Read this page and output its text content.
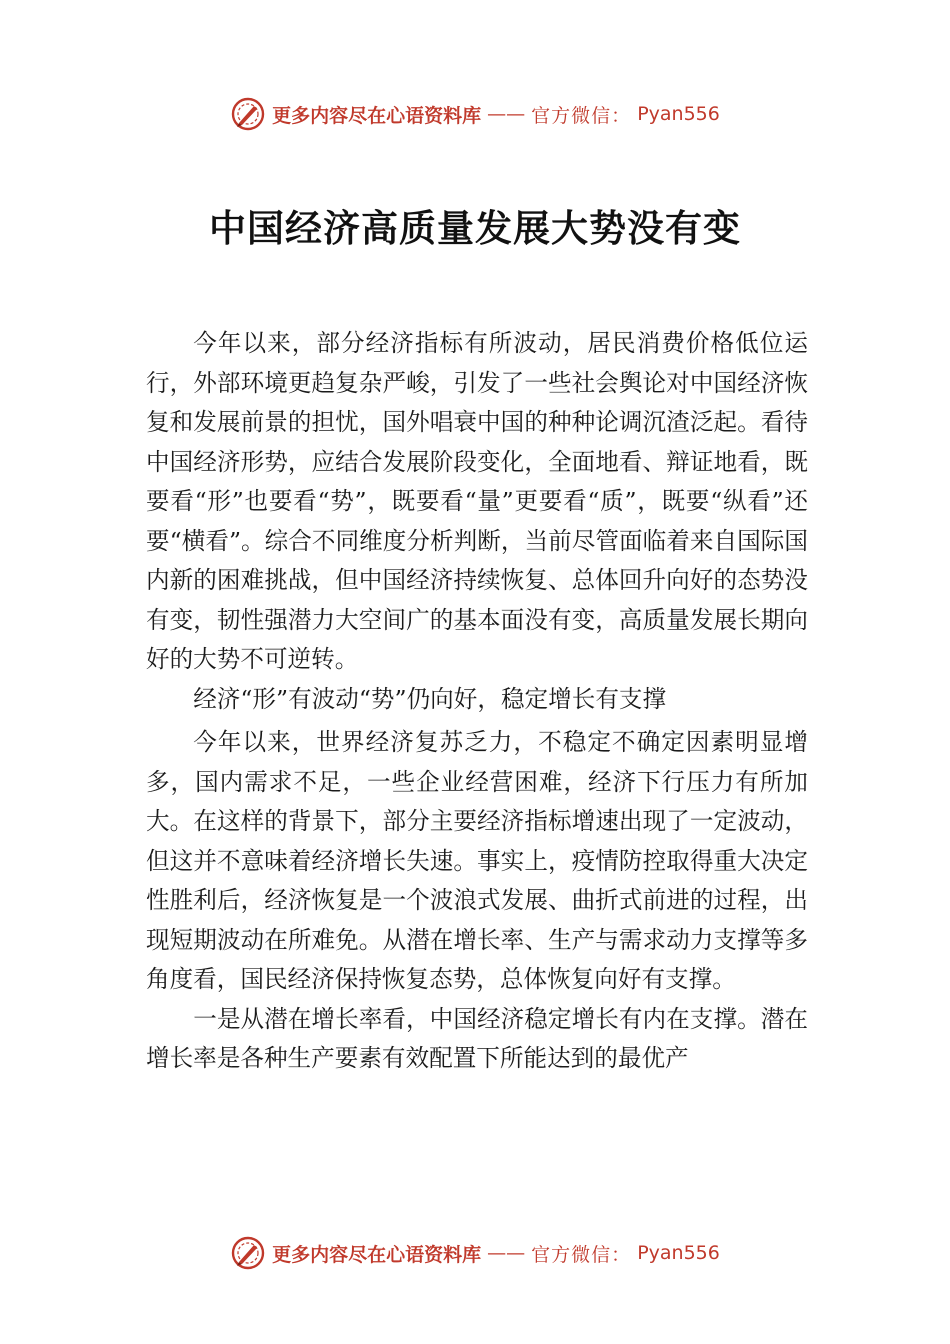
更多内容尽在心语资料库 —— 官方微信： Pyan556
中国经济高质量发展大势没有变

今年以来，部分经济指标有所波动，居民消费价格低位运行，外部环境更趋复杂严峻，引发了一些社会舆论对中国经济恢复和发展前景的担忧，国外唱衰中国的种种论调沉渣泛起。看待中国经济形势，应结合发展阶段变化，全面地看、辩证地看，既要看“形”也要看“势”，既要看“量”更要看“质”，既要“纵看”还要“横看”。综合不同维度分析判断，当前尽管面临着来自国际国内新的困难挑战，但中国经济持续恢复、总体回升向好的态势没有变，韧性强潜力大空间广的基本面没有变，高质量发展长期向好的大势不可逆转。

经济“形”有波动“势”仍向好，稳定增长有支撑

今年以来，世界经济复苏乏力，不稳定不确定因素明显增多，国内需求不足，一些企业经营困难，经济下行压力有所加大。在这样的背景下，部分主要经济指标增速出现了一定波动，但这并不意味着经济增长失速。事实上，疫情防控取得重大决定性胜利后，经济恢复是一个波浪式发展、曲折式前进的过程，出现短期波动在所难免。从潜在增长率、生产与需求动力支撑等多角度看，国民经济保持恢复态势，总体恢复向好有支撑。

一是从潜在增长率看，中国经济稳定增长有内在支撑。潜在增长率是各种生产要素有效配置下所能达到的最优产

更多内容尽在心语资料库 —— 官方微信： Pyan556
